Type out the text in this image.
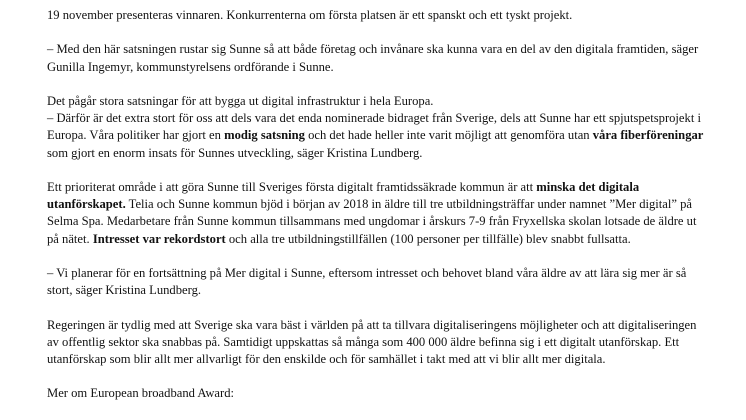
19 november presenteras vinnaren. Konkurrenterna om första platsen är ett spanskt och ett tyskt projekt.

– Med den här satsningen rustar sig Sunne så att både företag och invånare ska kunna vara en del av den digitala framtiden, säger Gunilla Ingemyr, kommunstyrelsens ordförande i Sunne.

Det pågår stora satsningar för att bygga ut digital infrastruktur i hela Europa.
– Därför är det extra stort för oss att dels vara det enda nominerade bidraget från Sverige, dels att Sunne har ett spjutspetsprojekt i Europa. Våra politiker har gjort en modig satsning och det hade heller inte varit möjligt att genomföra utan våra fiberföreningar som gjort en enorm insats för Sunnes utveckling, säger Kristina Lundberg.

Ett prioriterat område i att göra Sunne till Sveriges första digitalt framtidssäkrade kommun är att minska det digitala utanförskapet. Telia och Sunne kommun bjöd i början av 2018 in äldre till tre utbildningsträffar under namnet ”Mer digital” på Selma Spa. Medarbetare från Sunne kommun tillsammans med ungdomar i årskurs 7-9 från Fryxellska skolan lotsade de äldre ut på nätet. Intresset var rekordstort och alla tre utbildningstillfällen (100 personer per tillfälle) blev snabbt fullsatta.

– Vi planerar för en fortsättning på Mer digital i Sunne, eftersom intresset och behovet bland våra äldre av att lära sig mer är så stort, säger Kristina Lundberg.

Regeringen är tydlig med att Sverige ska vara bäst i världen på att ta tillvara digitaliseringens möjligheter och att digitaliseringen av offentlig sektor ska snabbas på. Samtidigt uppskattas så många som 400 000 äldre befinna sig i ett digitalt utanförskap. Ett utanförskap som blir allt mer allvarligt för den enskilde och för samhället i takt med att vi blir allt mer digitala.

Mer om European broadband Award:
